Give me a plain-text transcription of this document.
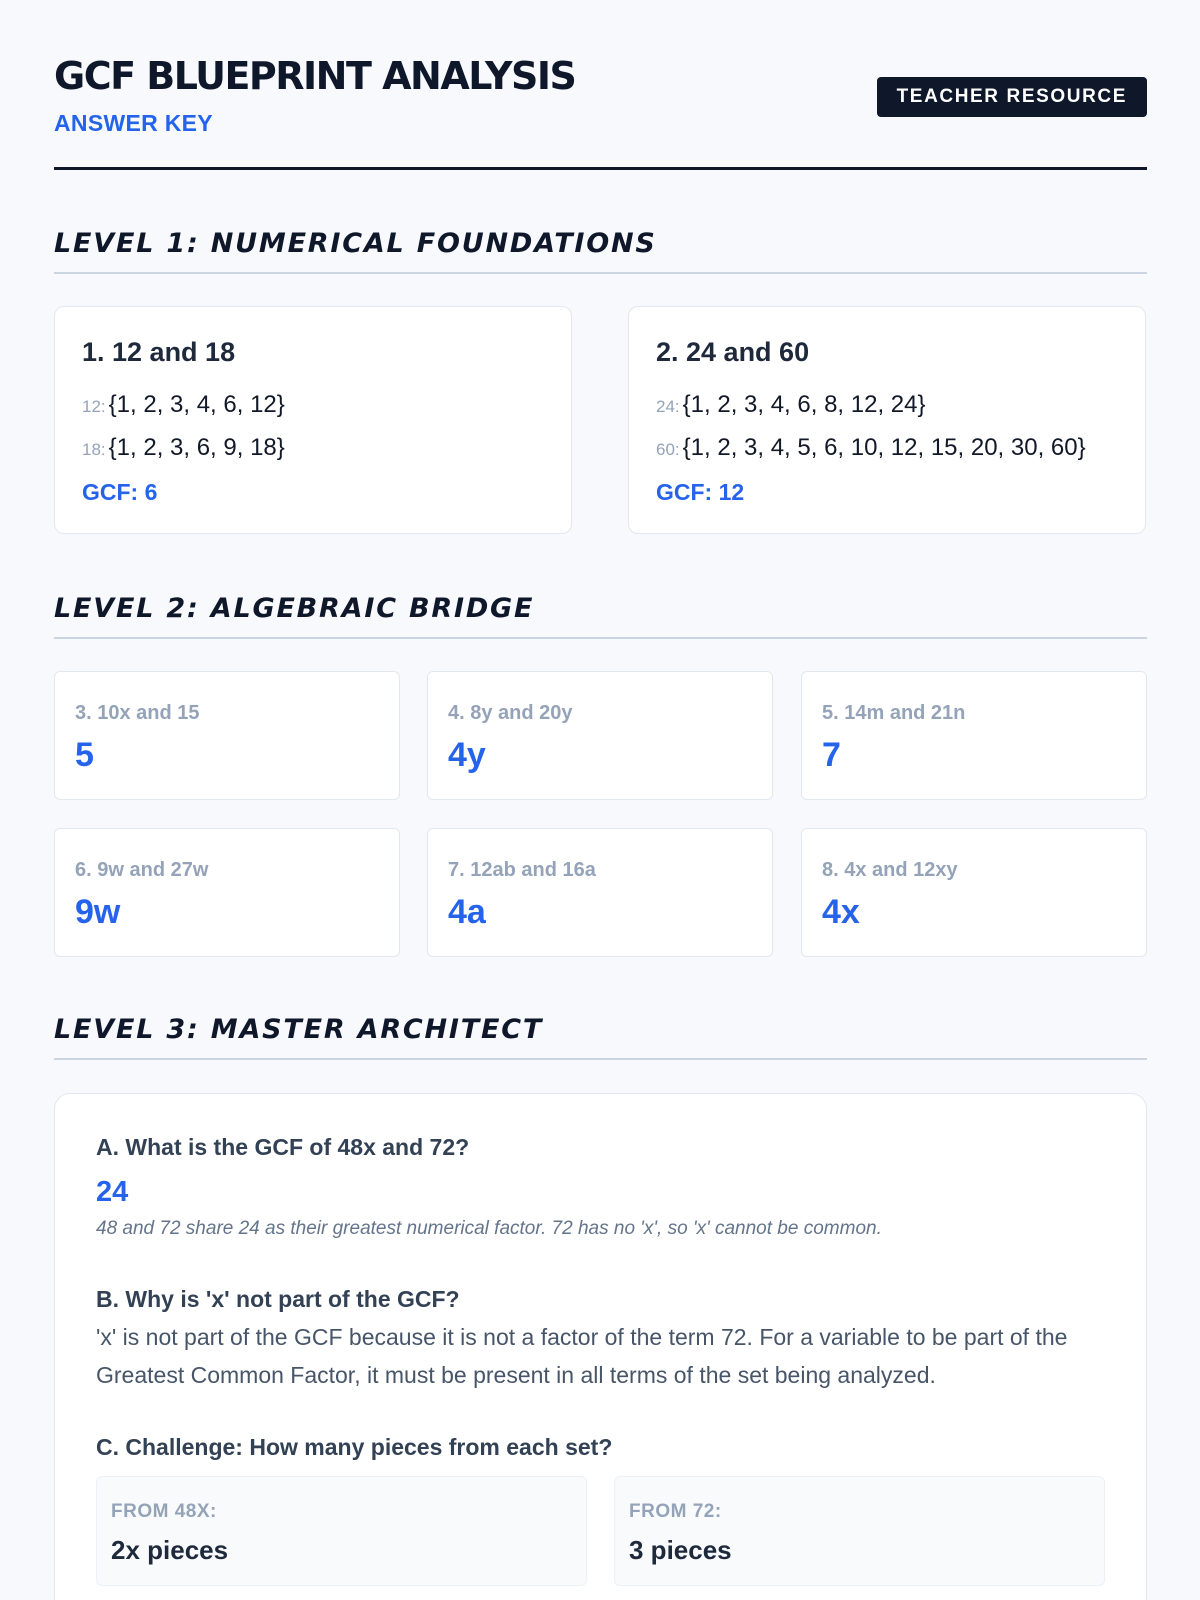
GCF BLUEPRINT ANALYSIS
ANSWER KEY
TEACHER RESOURCE
LEVEL 1: NUMERICAL FOUNDATIONS
1. 12 and 18
12: {1, 2, 3, 4, 6, 12}
18: {1, 2, 3, 6, 9, 18}
GCF: 6
2. 24 and 60
24: {1, 2, 3, 4, 6, 8, 12, 24}
60: {1, 2, 3, 4, 5, 6, 10, 12, 15, 20, 30, 60}
GCF: 12
LEVEL 2: ALGEBRAIC BRIDGE
3. 10x and 15
5
4. 8y and 20y
4y
5. 14m and 21n
7
6. 9w and 27w
9w
7. 12ab and 16a
4a
8. 4x and 12xy
4x
LEVEL 3: MASTER ARCHITECT
A. What is the GCF of 48x and 72?
24
48 and 72 share 24 as their greatest numerical factor. 72 has no 'x', so 'x' cannot be common.
B. Why is 'x' not part of the GCF?
'x' is not part of the GCF because it is not a factor of the term 72. For a variable to be part of the Greatest Common Factor, it must be present in all terms of the set being analyzed.
C. Challenge: How many pieces from each set?
FROM 48X:
2x pieces
FROM 72:
3 pieces
